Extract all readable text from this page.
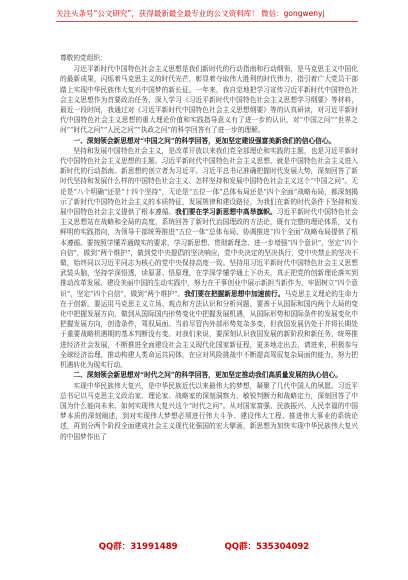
关注头条号“公文研究”，获得最新最全最专业的公文资料库！ 微信：gongwenyj

尊敬的党组织：

习近平新时代中国特色社会主义思想是我们新时代的行动指南和行动纲领，是马克思主义中国化的最新成果，闪烁着马克思主义的时代光芒，彰显着夺取伟大胜利的时代伟力，指引着广大党员干部踏上实现中华民族伟大复兴中国梦的新长征。一年来，我自觉地把学习宣传习近平新时代中国特色社会主义思想作为首要政治任务，深入学习《习近平新时代中国特色社会主义思想学习纲要》等材料，最近一段时间，我通过对《习近平新时代中国特色社会主义思想纲要》等的认真研读，对习近平新时代中国特色社会主义思想的重大理论价值和实践指导意义有了进一步的认识，对“中国之问”“世界之问”“时代之问”“人民之问”“执政之问”的科学回答有了进一步的理解。

一、深刻领会新思想对“中国之问”的科学回答，更加坚定建设强富美新我们的信心信心。

坚持和发展中国特色社会主义，是改革开放以来我们党全部理论和实践的主题，也是习近平新时代中国特色社会主义思想的主题。习近平新时代中国特色社会主义思想，就是中国特色社会主义进入新时代的行动指南。新思想的创立者为习近平。习近平总书记准确把握时代发展大势，深刻回答了新时代坚持和发展什么样的中国特色社会主义、怎样坚持和发展中国特色社会主义这个“中国之问”。无论是“八个明确”还是“十四个坚持”，无论是“五位一体”总体布局还是“四个全面”战略布局，都深刻揭示了新时代中国特色社会主义的本质特征，发展规律和建设路径，为我们在新的时代条件下坚持和发展中国特色社会主义提供了根本遵循。我们要在学习新思想中高举旗帜。习近平新时代中国特色社会主义思想站在战略和全局的高度，系统回答了新时代治国理政的方法论，既有完整的理论体系，又有鲜明的实践指向，为领导干部统筹推进“五位一体”总体布局、协调推进“四个全面”战略布局提供了根本遵循。要按照学懂弄通做实的要求，学习新思想、贯彻新理念、进一步增强“四个意识”，坚定“四个自信”，做到“两个维护”，做到党中央提倡的坚决响应，党中央决定的坚决执行，党中央禁止的坚决不做，始终同以习近平同志为核心的党中央保持高度一致。坚持用习近平新时代中国特色社会主义思想武装头脑，坚持学深悟透，读原著、悟原理，在学深学懂学通上下功夫，真正把党的创新理论落实到推动改革发展、建设美丽中国的生动实践中，努力在干事创业中展示新担当新作为，牢固树立“四个意识”，坚定“四个自信”，做到“两个维护”。我们要在把握新思想中加速前行。马克思主义理论的生命力在于创新。要运用马克思主义立场、观点和方法认识和分析问题，要善于从国际和国内两个大局的变化中把握发展方向，做到从国际国内形势变化中把握发展机遇，从国际形势和国际条件的发展变化中把握发展方向，创造条件，驾驭局面。当前尽管内外部形势复杂多变，但我国发展仍处于并将长期处于重要战略机遇期的基本判断没有变。对我们来说，要深刻认识我国发展的新阶段和新任务，统筹推进经济社会发展，不断推进全面建设社会主义现代化国家新征程，更多地走出去，请进来，积极参与全球经济治理，推动构建人类命运共同体，在应对风险挑战中不断提高驾驭复杂局面的能力，努力把机遇转化为现实行动。

二、深刻领会新思想对“时代之问”的科学回答，更加坚定推动我们高质量发展的执心信心。

实现中华民族伟大复兴，是中华民族近代以来最伟大的梦想，凝聚了几代中国人的夙愿。习近平总书记以马克思主义政治家、理论家、战略家的深刻洞察力，敏锐判断力和战略定力，深刻回答了中国为什么能向未来、如何实现伟大复兴这个“时代之问”。从对国家富强、民族振兴、人民幸福的中国梦本质的深刻阐述，到对实现伟大梦想必须进行伟大斗争、建设伟大工程、推进伟大事业的系统论述，再到分两个阶段全面建成社会主义现代化强国的宏大擘画，新思想为加快实现中华民族伟大复兴的中国梦作出了

QQ群：31991489	QQ群：535304092
